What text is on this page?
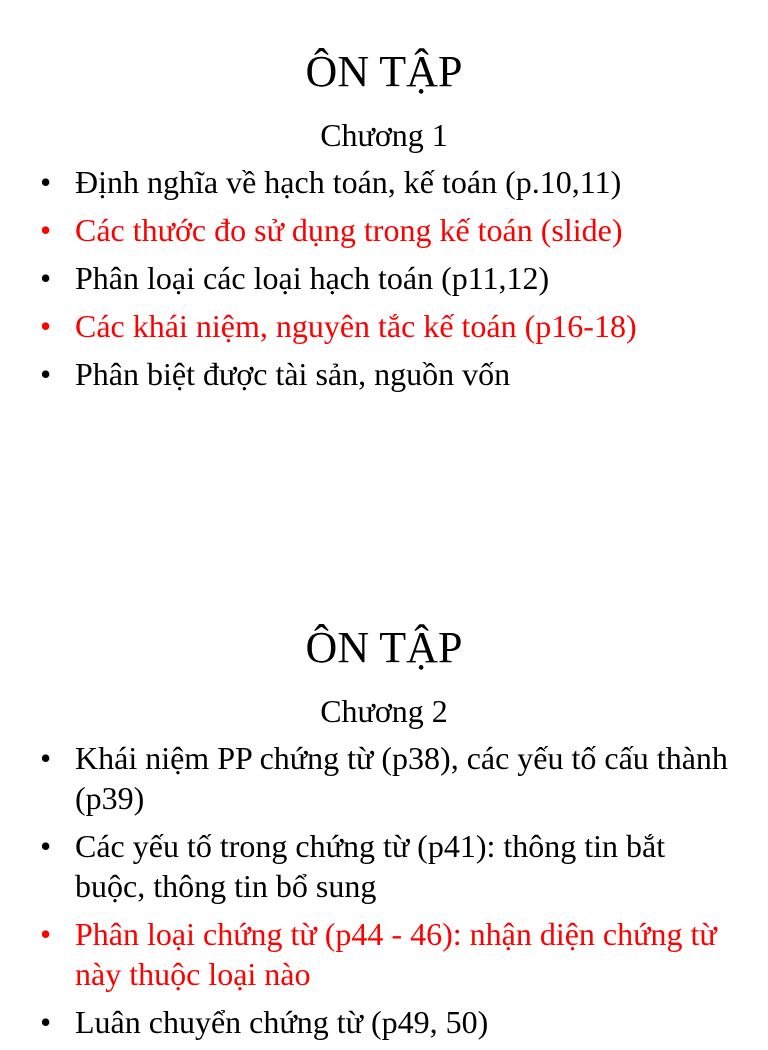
ÔN TẬP
Chương 1
• Định nghĩa về hạch toán, kế toán (p.10,11)
• Các thước đo sử dụng trong kế toán (slide)
• Phân loại các loại hạch toán (p11,12)
• Các khái niệm, nguyên tắc kế toán (p16-18)
• Phân biệt được tài sản, nguồn vốn
ÔN TẬP
Chương 2
• Khái niệm PP chứng từ (p38), các yếu tố cấu thành (p39)
• Các yếu tố trong chứng từ (p41): thông tin bắt buộc, thông tin bổ sung
• Phân loại chứng từ (p44 - 46): nhận diện chứng từ này thuộc loại nào
• Luân chuyển chứng từ (p49, 50)
